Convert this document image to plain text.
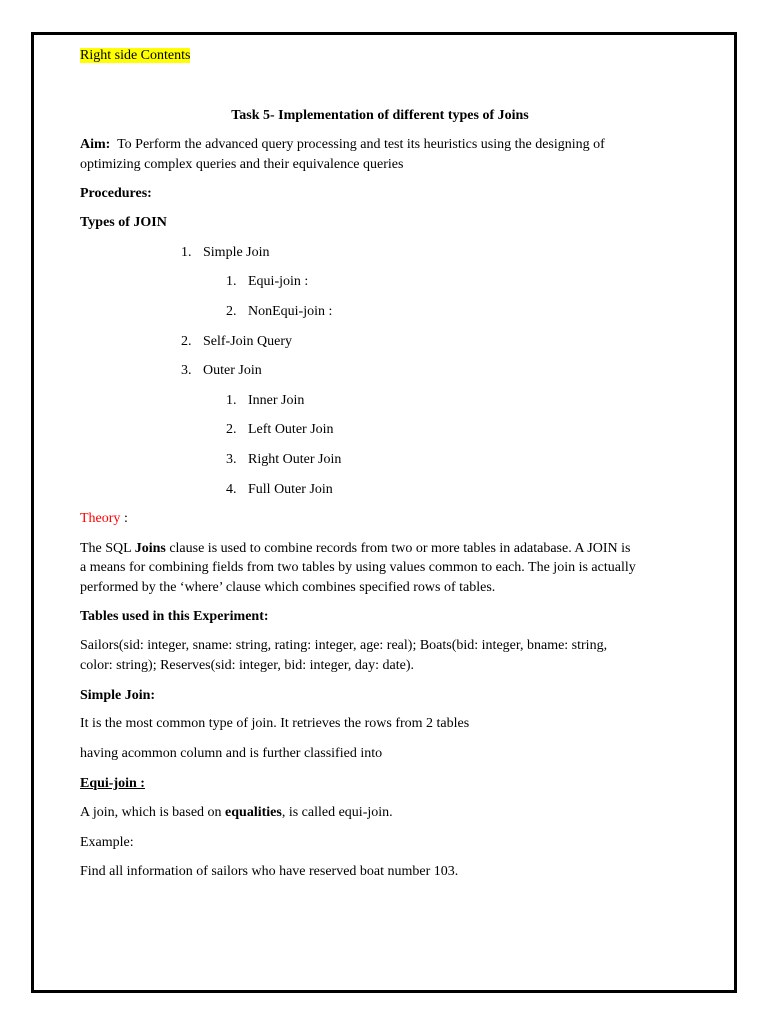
Right side Contents
Task 5- Implementation of different types of Joins
Aim: To Perform the advanced query processing and test its heuristics using the designing of
optimizing complex queries and their equivalence queries
Procedures:
Types of JOIN
1. Simple Join
1. Equi-join :
2. NonEqui-join :
2. Self-Join Query
3. Outer Join
1. Inner Join
2. Left Outer Join
3. Right Outer Join
4. Full Outer Join
Theory :
The SQL Joins clause is used to combine records from two or more tables in adatabase. A JOIN is
a means for combining fields from two tables by using values common to each. The join is actually
performed by the ‘where’ clause which combines specified rows of tables.
Tables used in this Experiment:
Sailors(sid: integer, sname: string, rating: integer, age: real); Boats(bid: integer, bname: string,
color: string); Reserves(sid: integer, bid: integer, day: date).
Simple Join:
It is the most common type of join. It retrieves the rows from 2 tables
having acommon column and is further classified into
Equi-join :
A join, which is based on equalities, is called equi-join.
Example:
Find all information of sailors who have reserved boat number 103.
